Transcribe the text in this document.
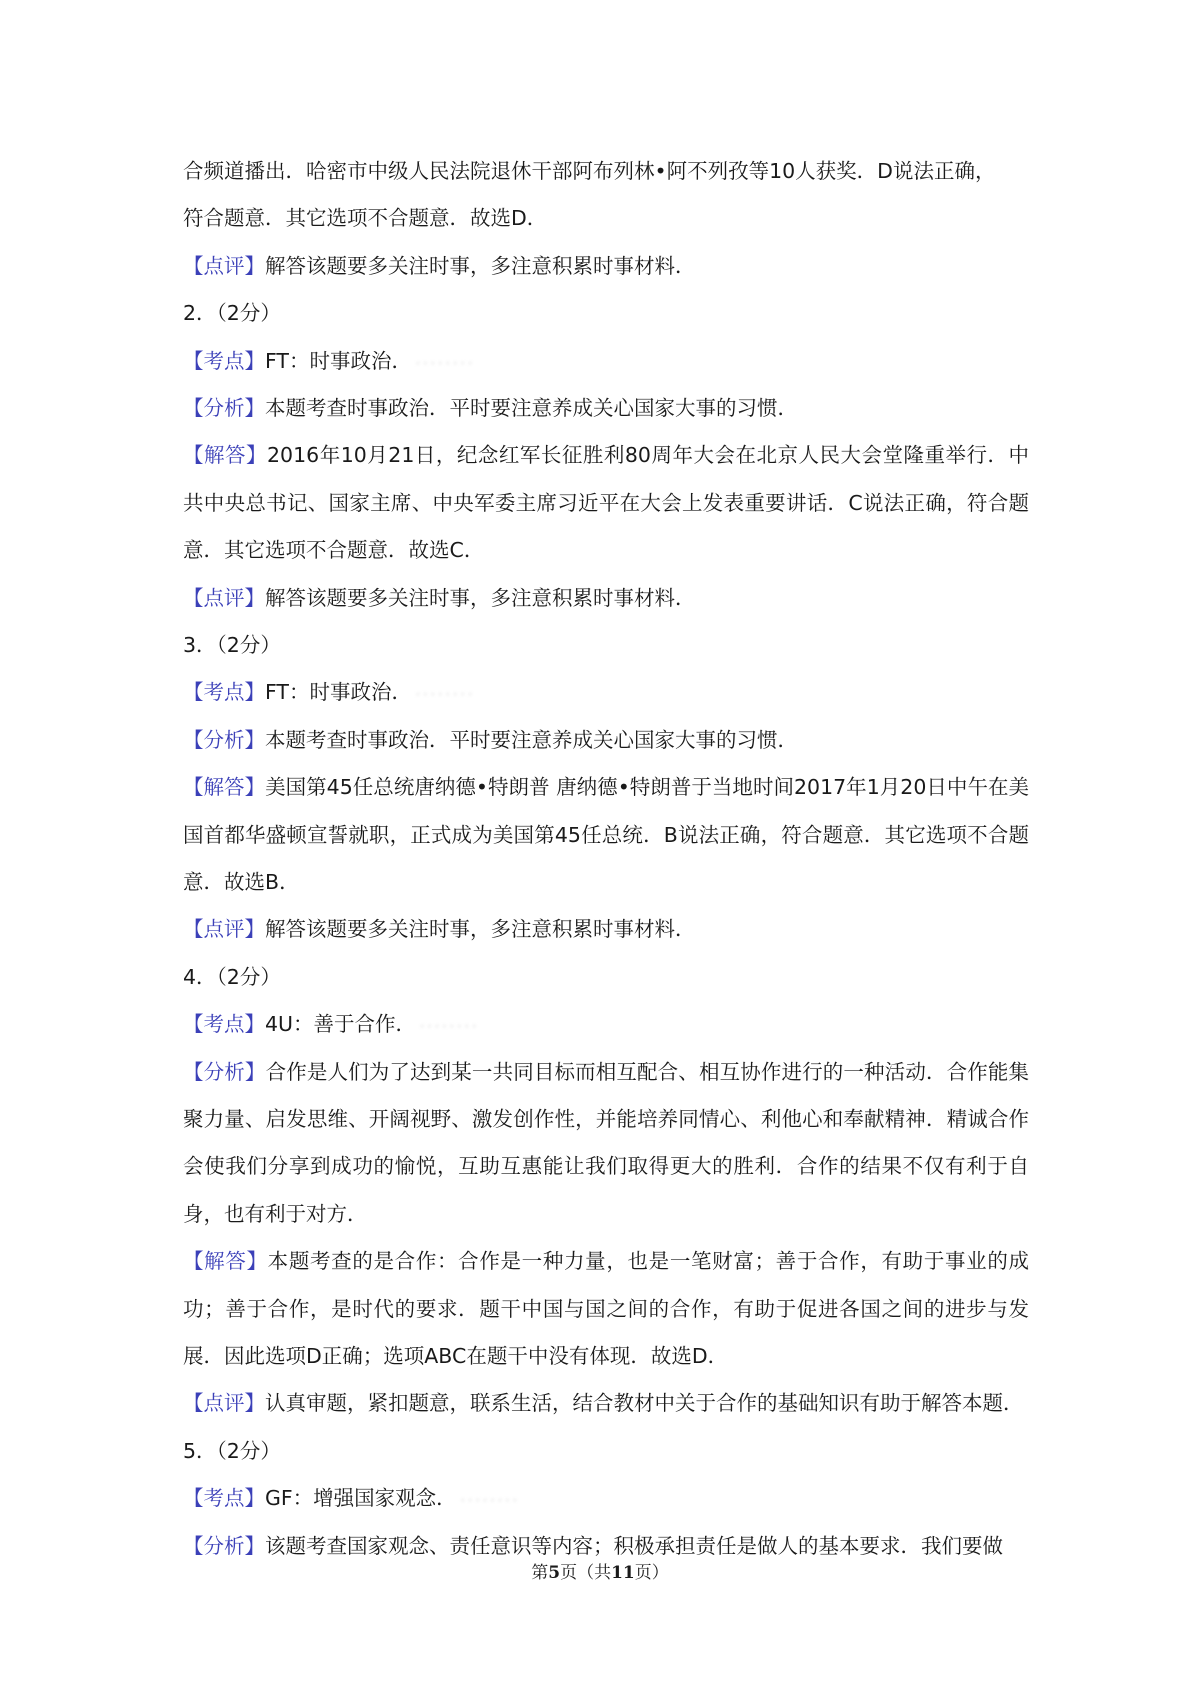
合频道播出．哈密市中级人民法院退休干部阿布列林•阿不列孜等10人获奖．D说法正确，
符合题意．其它选项不合题意．故选D．
【点评】解答该题要多关注时事，多注意积累时事材料．
2．（2分）
【考点】FT：时事政治． ········
【分析】本题考查时事政治．平时要注意养成关心国家大事的习惯．
【解答】2016年10月21日，纪念红军长征胜利80周年大会在北京人民大会堂隆重举行．中共中央总书记、国家主席、中央军委主席习近平在大会上发表重要讲话．C说法正确，符合题意．其它选项不合题意．故选C．
【点评】解答该题要多关注时事，多注意积累时事材料．
3．（2分）
【考点】FT：时事政治． ········
【分析】本题考查时事政治．平时要注意养成关心国家大事的习惯．
【解答】美国第45任总统唐纳德•特朗普 唐纳德•特朗普于当地时间2017年1月20日中午在美国首都华盛顿宣誓就职，正式成为美国第45任总统．B说法正确，符合题意．其它选项不合题意．故选B．
【点评】解答该题要多关注时事，多注意积累时事材料．
4．（2分）
【考点】4U：善于合作． ········
【分析】合作是人们为了达到某一共同目标而相互配合、相互协作进行的一种活动．合作能集聚力量、启发思维、开阔视野、激发创作性，并能培养同情心、利他心和奉献精神．精诚合作会使我们分享到成功的愉悦，互助互惠能让我们取得更大的胜利．合作的结果不仅有利于自身，也有利于对方．
【解答】本题考查的是合作：合作是一种力量，也是一笔财富；善于合作，有助于事业的成功；善于合作，是时代的要求．题干中国与国之间的合作，有助于促进各国之间的进步与发展．因此选项D正确；选项ABC在题干中没有体现．故选D．
【点评】认真审题，紧扣题意，联系生活，结合教材中关于合作的基础知识有助于解答本题．
5．（2分）
【考点】GF：增强国家观念． ········
【分析】该题考查国家观念、责任意识等内容；积极承担责任是做人的基本要求．我们要做
第5页（共11页）
